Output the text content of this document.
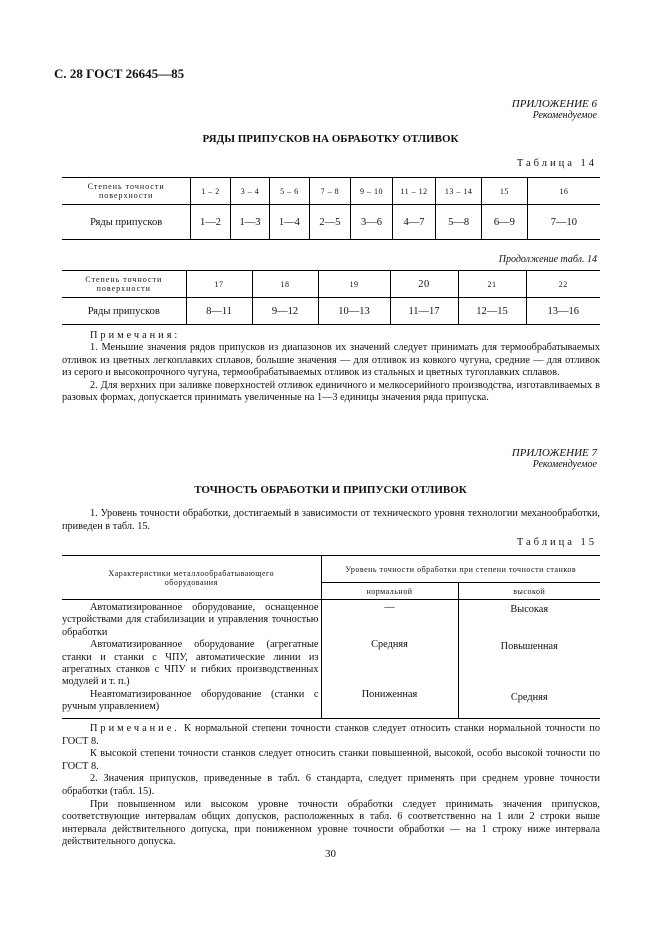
С. 28 ГОСТ 26645—85
ПРИЛОЖЕНИЕ 6
Рекомендуемое
РЯДЫ ПРИПУСКОВ НА ОБРАБОТКУ ОТЛИВОК
Таблица 14
Степень точности поверхности	1 – 2	3 – 4	5 – 6	7 – 8	9 – 10	11 – 12	13 – 14	15	16
Ряды припусков	1—2	1—3	1—4	2—5	3—6	4—7	5—8	6—9	7—10
Продолжение табл. 14
Степень точности поверхности	17	18	19	20	21	22
Ряды припусков	8—11	9—12	10—13	11—17	12—15	13—16

Примечания:

1. Меньшие значения рядов припусков из диапазонов их значений следует принимать для термообрабатываемых отливок из цветных легкоплавких сплавов, большие значения — для отливок из ковкого чугуна, средние — для отливок из серого и высокопрочного чугуна, термообрабатываемых отливок из стальных и цветных тугоплавких сплавов.

2. Для верхних при заливке поверхностей отливок единичного и мелкосерийного производства, изготавливаемых в разовых формах, допускается принимать увеличенные на 1—3 единицы значения ряда припуска.

ПРИЛОЖЕНИЕ 7
Рекомендуемое
ТОЧНОСТЬ ОБРАБОТКИ И ПРИПУСКИ ОТЛИВОК

1. Уровень точности обработки, достигаемый в зависимости от технического уровня технологии механообработки, приведен в табл. 15.

Таблица 15
Характеристики металлообрабатывающего оборудования	Уровень точности обработки при степени точности станков	
	нормальной	высокой
Автоматизированное оборудование, оснащенное устройствами для стабилизации и управления точностью обработки	—	Высокая
Автоматизированное оборудование (агрегатные станки и станки с ЧПУ, автоматические линии из агрегатных станков с ЧПУ и гибких производственных модулей и т. п.)	Средняя	Повышенная
Неавтоматизированное оборудование (станки с ручным управлением)	Пониженная	Средняя

Примечание. К нормальной степени точности станков следует относить станки нормальной точности по ГОСТ 8.

К высокой степени точности станков следует относить станки повышенной, высокой, особо высокой точности по ГОСТ 8.

2. Значения припусков, приведенные в табл. 6 стандарта, следует применять при среднем уровне точности обработки (табл. 15).

При повышенном или высоком уровне точности обработки следует принимать значения припусков, соответствующие интервалам общих допусков, расположенных в табл. 6 соответственно на 1 или 2 строки выше интервала действительного допуска, при пониженном уровне точности обработки — на 1 строку ниже интервала действительного допуска.

30
